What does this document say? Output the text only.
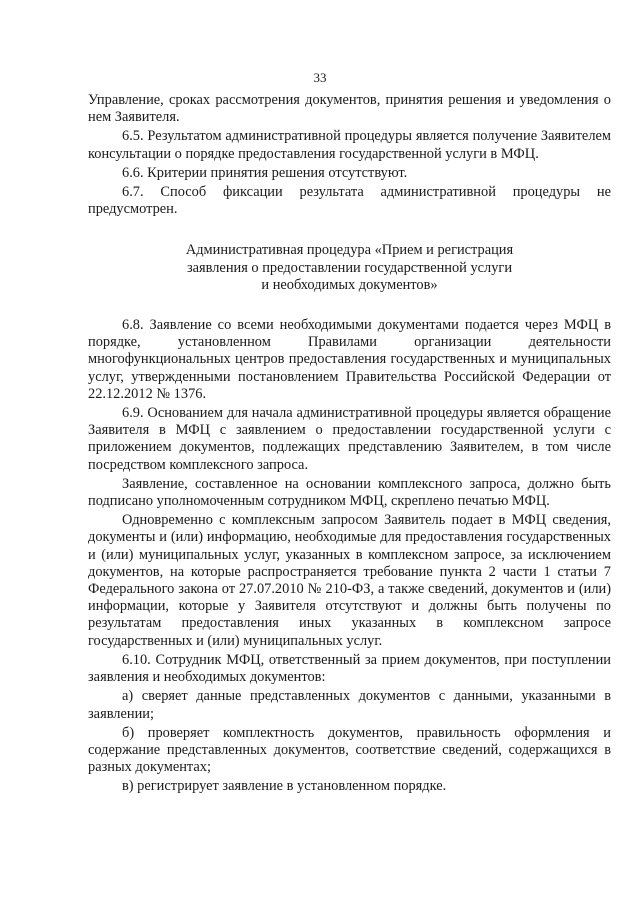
33

Управление, сроках рассмотрения документов, принятия решения и уведомления о нем Заявителя.

6.5. Результатом административной процедуры является получение Заявителем консультации о порядке предоставления государственной услуги в МФЦ.

6.6. Критерии принятия решения отсутствуют.

6.7. Способ фиксации результата административной процедуры не предусмотрен.

Административная процедура «Прием и регистрация
заявления о предоставлении государственной услуги
и необходимых документов»

6.8. Заявление со всеми необходимыми документами подается через МФЦ в порядке, установленном Правилами организации деятельности многофункциональных центров предоставления государственных и муниципальных услуг, утвержденными постановлением Правительства Российской Федерации от 22.12.2012 № 1376.

6.9. Основанием для начала административной процедуры является обращение Заявителя в МФЦ с заявлением о предоставлении государственной услуги с приложением документов, подлежащих представлению Заявителем, в том числе посредством комплексного запроса.

Заявление, составленное на основании комплексного запроса, должно быть подписано уполномоченным сотрудником МФЦ, скреплено печатью МФЦ.

Одновременно с комплексным запросом Заявитель подает в МФЦ сведения, документы и (или) информацию, необходимые для предоставления государственных и (или) муниципальных услуг, указанных в комплексном запросе, за исключением документов, на которые распространяется требование пункта 2 части 1 статьи 7 Федерального закона от 27.07.2010 № 210-ФЗ, а также сведений, документов и (или) информации, которые у Заявителя отсутствуют и должны быть получены по результатам предоставления иных указанных в комплексном запросе государственных и (или) муниципальных услуг.

6.10. Сотрудник МФЦ, ответственный за прием документов, при поступлении заявления и необходимых документов:

а) сверяет данные представленных документов с данными, указанными в заявлении;

б) проверяет комплектность документов, правильность оформления и содержание представленных документов, соответствие сведений, содержащихся в разных документах;

в) регистрирует заявление в установленном порядке.
